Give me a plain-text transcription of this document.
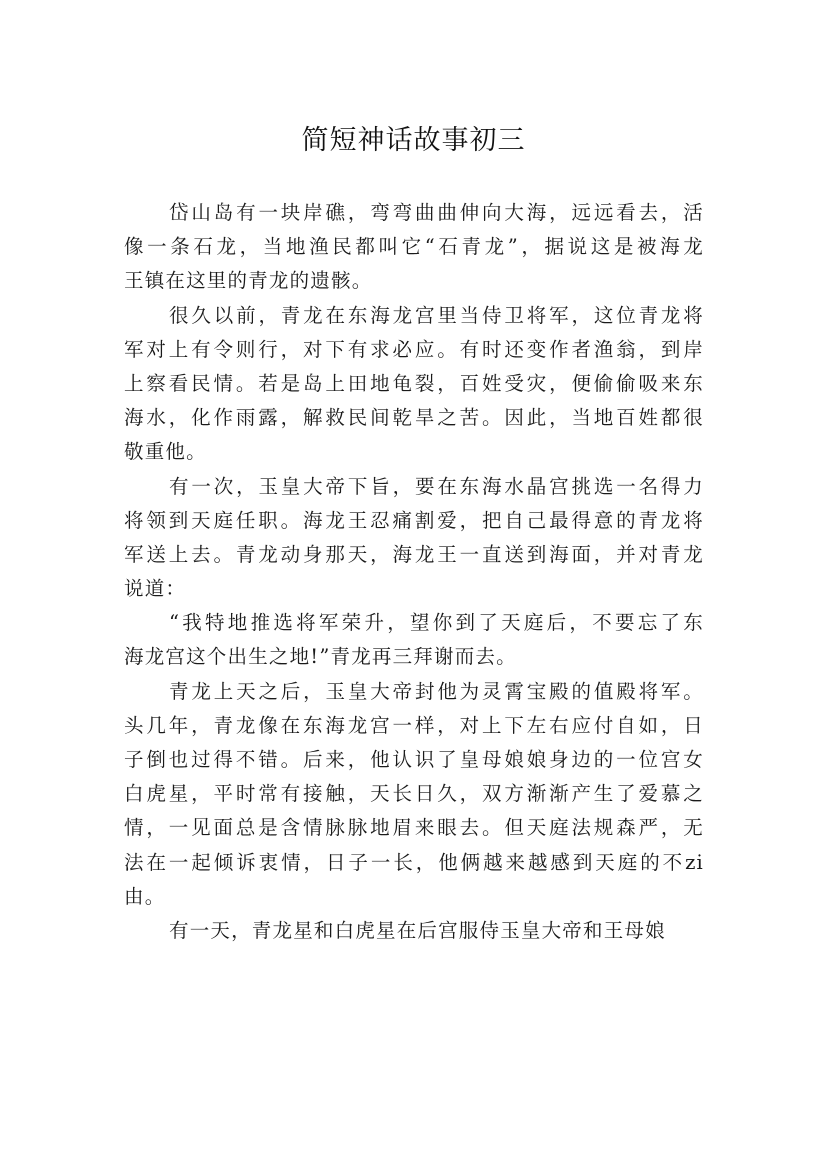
简短神话故事初三
岱山岛有一块岸礁，弯弯曲曲伸向大海，远远看去，活
像一条石龙，当地渔民都叫它“石青龙”，据说这是被海龙
王镇在这里的青龙的遗骸。
很久以前，青龙在东海龙宫里当侍卫将军，这位青龙将
军对上有令则行，对下有求必应。有时还变作者渔翁，到岸
上察看民情。若是岛上田地龟裂，百姓受灾，便偷偷吸来东
海水，化作雨露，解救民间乾旱之苦。因此，当地百姓都很
敬重他。
有一次，玉皇大帝下旨，要在东海水晶宫挑选一名得力
将领到天庭任职。海龙王忍痛割爱，把自己最得意的青龙将
军送上去。青龙动身那天，海龙王一直送到海面，并对青龙
说道：
“我特地推选将军荣升，望你到了天庭后，不要忘了东
海龙宫这个出生之地!”青龙再三拜谢而去。
青龙上天之后，玉皇大帝封他为灵霄宝殿的值殿将军。
头几年，青龙像在东海龙宫一样，对上下左右应付自如，日
子倒也过得不错。后来，他认识了皇母娘娘身边的一位宫女
白虎星，平时常有接触，天长日久，双方渐渐产生了爱慕之
情，一见面总是含情脉脉地眉来眼去。但天庭法规森严，无
法在一起倾诉衷情，日子一长，他俩越来越感到天庭的不zi
由。
有一天，青龙星和白虎星在后宫服侍玉皇大帝和王母娘
